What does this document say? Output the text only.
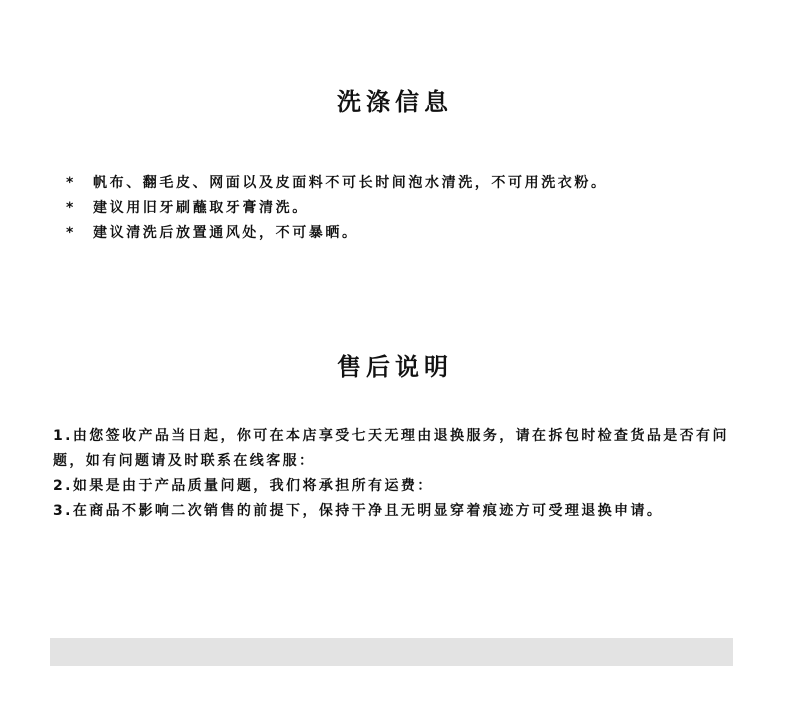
洗涤信息
*	帆布、翻毛皮、网面以及皮面料不可长时间泡水清洗，不可用洗衣粉。
*	建议用旧牙刷蘸取牙膏清洗。
*	建议清洗后放置通风处，不可暴晒。
售后说明

1.由您签收产品当日起，你可在本店享受七天无理由退换服务，请在拆包时检查货品是否有问题，如有问题请及时联系在线客服：

2.如果是由于产品质量问题，我们将承担所有运费：

3.在商品不影响二次销售的前提下，保持干净且无明显穿着痕迹方可受理退换申请。
